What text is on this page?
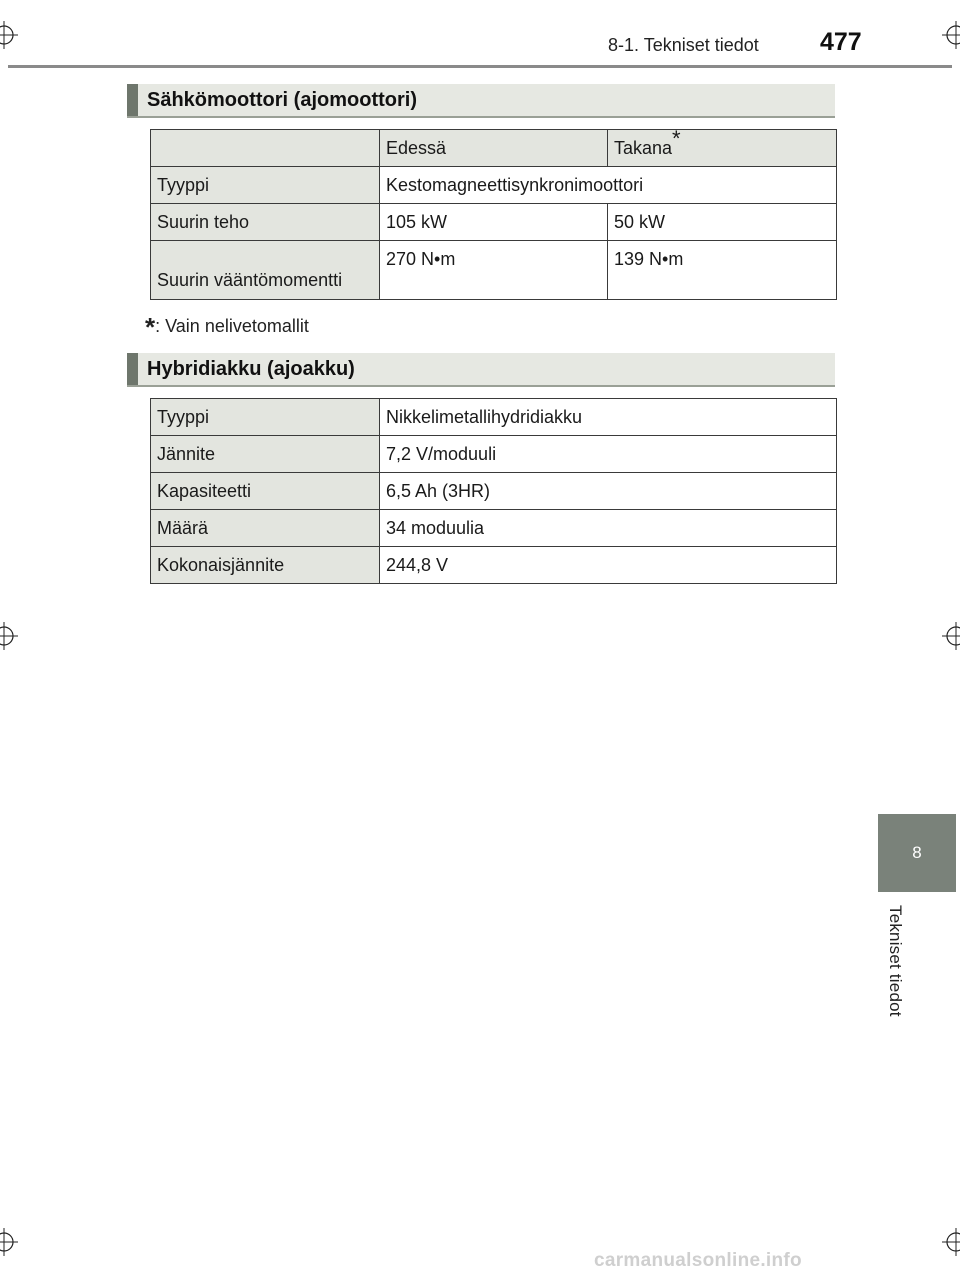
8-1. Tekniset tiedot 477
Sähkömoottori (ajomoottori)
	Edessä	Takana*
Tyyppi	Kestomagneettisynkronimoottori	
Suurin teho	105 kW	50 kW
Suurin vääntömomentti	270 N•m	139 N•m
*: Vain nelivetomallit
Hybridiakku (ajoakku)
Tyyppi	Nikkelimetallihydridiakku
Jännite	7,2 V/moduuli
Kapasiteetti	6,5 Ah (3HR)
Määrä	34 moduulia
Kokonaisjännite	244,8 V
8
Tekniset tiedot
carmanualsonline.info
